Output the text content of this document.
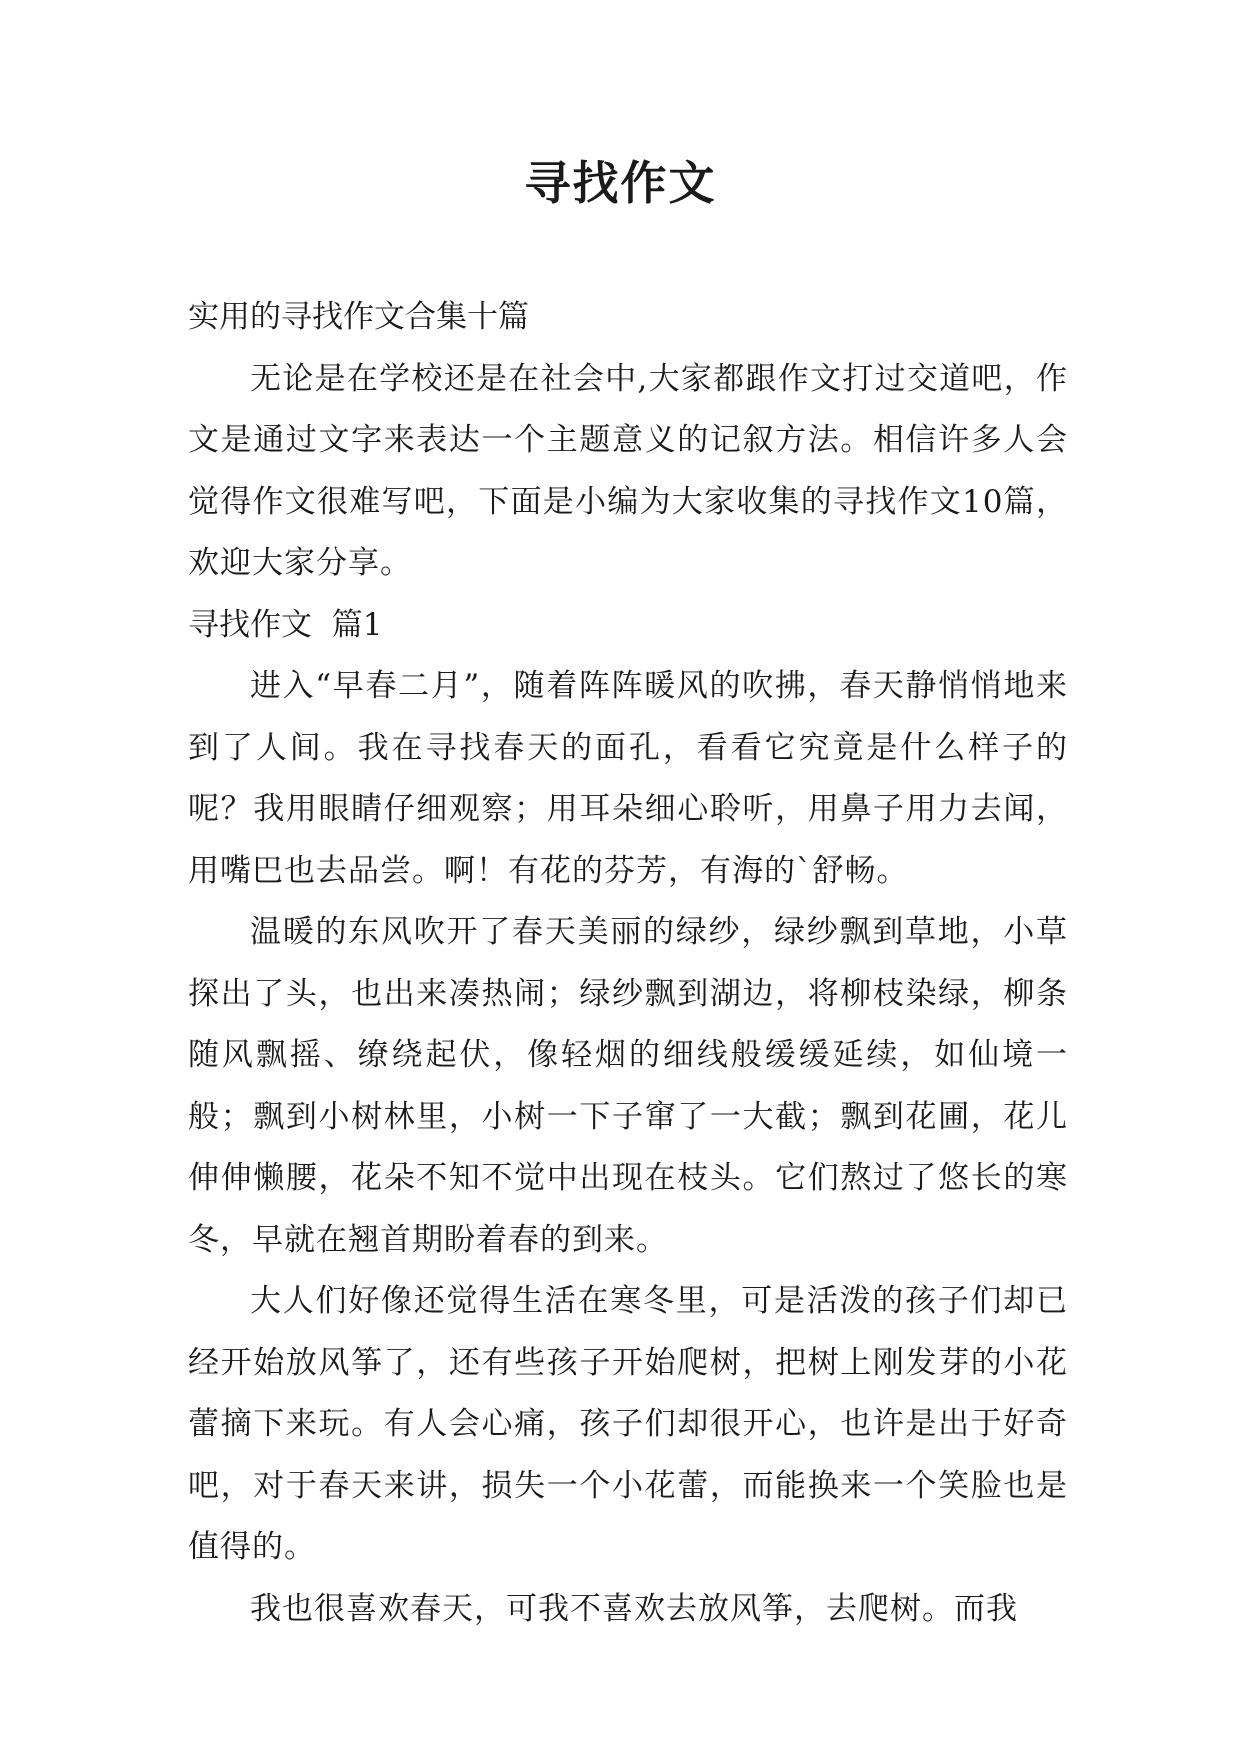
寻找作文

实用的寻找作文合集十篇

无论是在学校还是在社会中,大家都跟作文打过交道吧，作文是通过文字来表达一个主题意义的记叙方法。相信许多人会觉得作文很难写吧，下面是小编为大家收集的寻找作文10篇，欢迎大家分享。

寻找作文  篇1

进入“早春二月”，随着阵阵暖风的吹拂，春天静悄悄地来到了人间。我在寻找春天的面孔，看看它究竟是什么样子的呢？我用眼睛仔细观察；用耳朵细心聆听，用鼻子用力去闻，用嘴巴也去品尝。啊！有花的芬芳，有海的`舒畅。

温暖的东风吹开了春天美丽的绿纱，绿纱飘到草地，小草探出了头，也出来凑热闹；绿纱飘到湖边，将柳枝染绿，柳条随风飘摇、缭绕起伏，像轻烟的细线般缓缓延续，如仙境一般；飘到小树林里，小树一下子窜了一大截；飘到花圃，花儿伸伸懒腰，花朵不知不觉中出现在枝头。它们熬过了悠长的寒冬，早就在翘首期盼着春的到来。

大人们好像还觉得生活在寒冬里，可是活泼的孩子们却已经开始放风筝了，还有些孩子开始爬树，把树上刚发芽的小花蕾摘下来玩。有人会心痛，孩子们却很开心，也许是出于好奇吧，对于春天来讲，损失一个小花蕾，而能换来一个笑脸也是值得的。

我也很喜欢春天，可我不喜欢去放风筝，去爬树。而我
